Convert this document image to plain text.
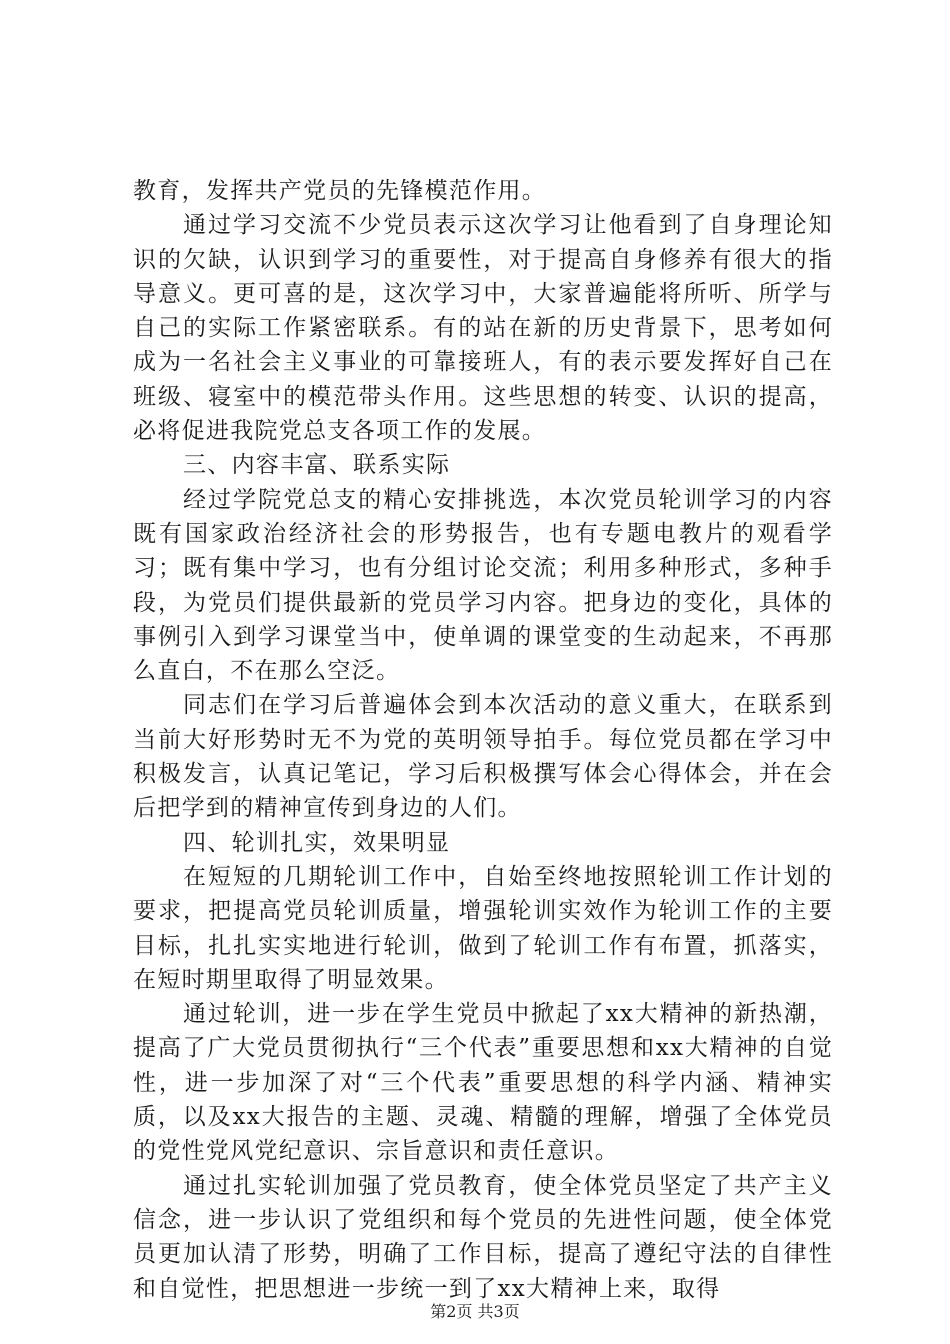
教育，发挥共产党员的先锋模范作用。

通过学习交流不少党员表示这次学习让他看到了自身理论知识的欠缺，认识到学习的重要性，对于提高自身修养有很大的指导意义。更可喜的是，这次学习中，大家普遍能将所听、所学与自己的实际工作紧密联系。有的站在新的历史背景下，思考如何成为一名社会主义事业的可靠接班人，有的表示要发挥好自己在班级、寝室中的模范带头作用。这些思想的转变、认识的提高，必将促进我院党总支各项工作的发展。

三、内容丰富、联系实际

经过学院党总支的精心安排挑选，本次党员轮训学习的内容既有国家政治经济社会的形势报告，也有专题电教片的观看学习；既有集中学习，也有分组讨论交流；利用多种形式，多种手段，为党员们提供最新的党员学习内容。把身边的变化，具体的事例引入到学习课堂当中，使单调的课堂变的生动起来，不再那么直白，不在那么空泛。

同志们在学习后普遍体会到本次活动的意义重大，在联系到当前大好形势时无不为党的英明领导拍手。每位党员都在学习中积极发言，认真记笔记，学习后积极撰写体会心得体会，并在会后把学到的精神宣传到身边的人们。

四、轮训扎实，效果明显

在短短的几期轮训工作中，自始至终地按照轮训工作计划的要求，把提高党员轮训质量，增强轮训实效作为轮训工作的主要目标，扎扎实实地进行轮训，做到了轮训工作有布置，抓落实，在短时期里取得了明显效果。

通过轮训，进一步在学生党员中掀起了xx大精神的新热潮，提高了广大党员贯彻执行“三个代表”重要思想和xx大精神的自觉性，进一步加深了对“三个代表”重要思想的科学内涵、精神实质，以及xx大报告的主题、灵魂、精髓的理解，增强了全体党员的党性党风党纪意识、宗旨意识和责任意识。

通过扎实轮训加强了党员教育，使全体党员坚定了共产主义信念，进一步认识了党组织和每个党员的先进性问题，使全体党员更加认清了形势，明确了工作目标，提高了遵纪守法的自律性和自觉性，把思想进一步统一到了xx大精神上来，取得

第2页 共3页
